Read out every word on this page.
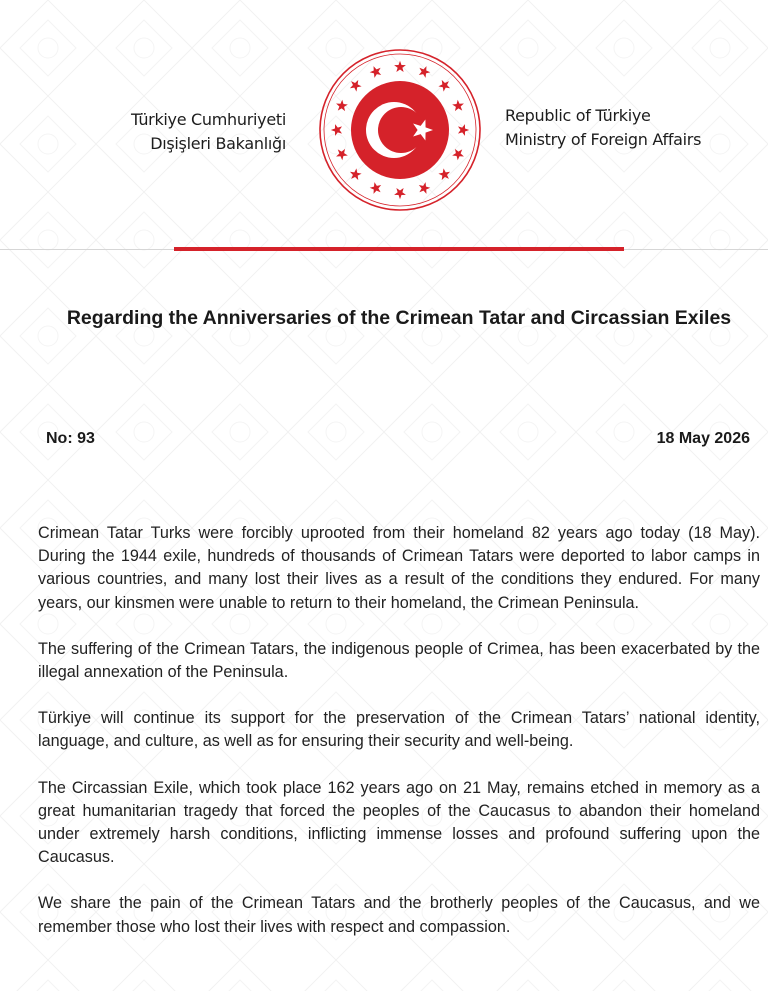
Türkiye Cumhuriyeti
Dışişleri Bakanlığı
Republic of Türkiye
Ministry of Foreign Affairs
Regarding the Anniversaries of the Crimean Tatar and Circassian Exiles
No: 93	18 May 2026

Crimean Tatar Turks were forcibly uprooted from their homeland 82 years ago today (18 May). During the 1944 exile, hundreds of thousands of Crimean Tatars were deported to labor camps in various countries, and many lost their lives as a result of the conditions they endured. For many years, our kinsmen were unable to return to their homeland, the Crimean Peninsula.

The suffering of the Crimean Tatars, the indigenous people of Crimea, has been exacerbated by the illegal annexation of the Peninsula.

Türkiye will continue its support for the preservation of the Crimean Tatars’ national identity, language, and culture, as well as for ensuring their security and well-being.

The Circassian Exile, which took place 162 years ago on 21 May, remains etched in memory as a great humanitarian tragedy that forced the peoples of the Caucasus to abandon their homeland under extremely harsh conditions, inflicting immense losses and profound suffering upon the Caucasus.

We share the pain of the Crimean Tatars and the brotherly peoples of the Caucasus, and we remember those who lost their lives with respect and compassion.
